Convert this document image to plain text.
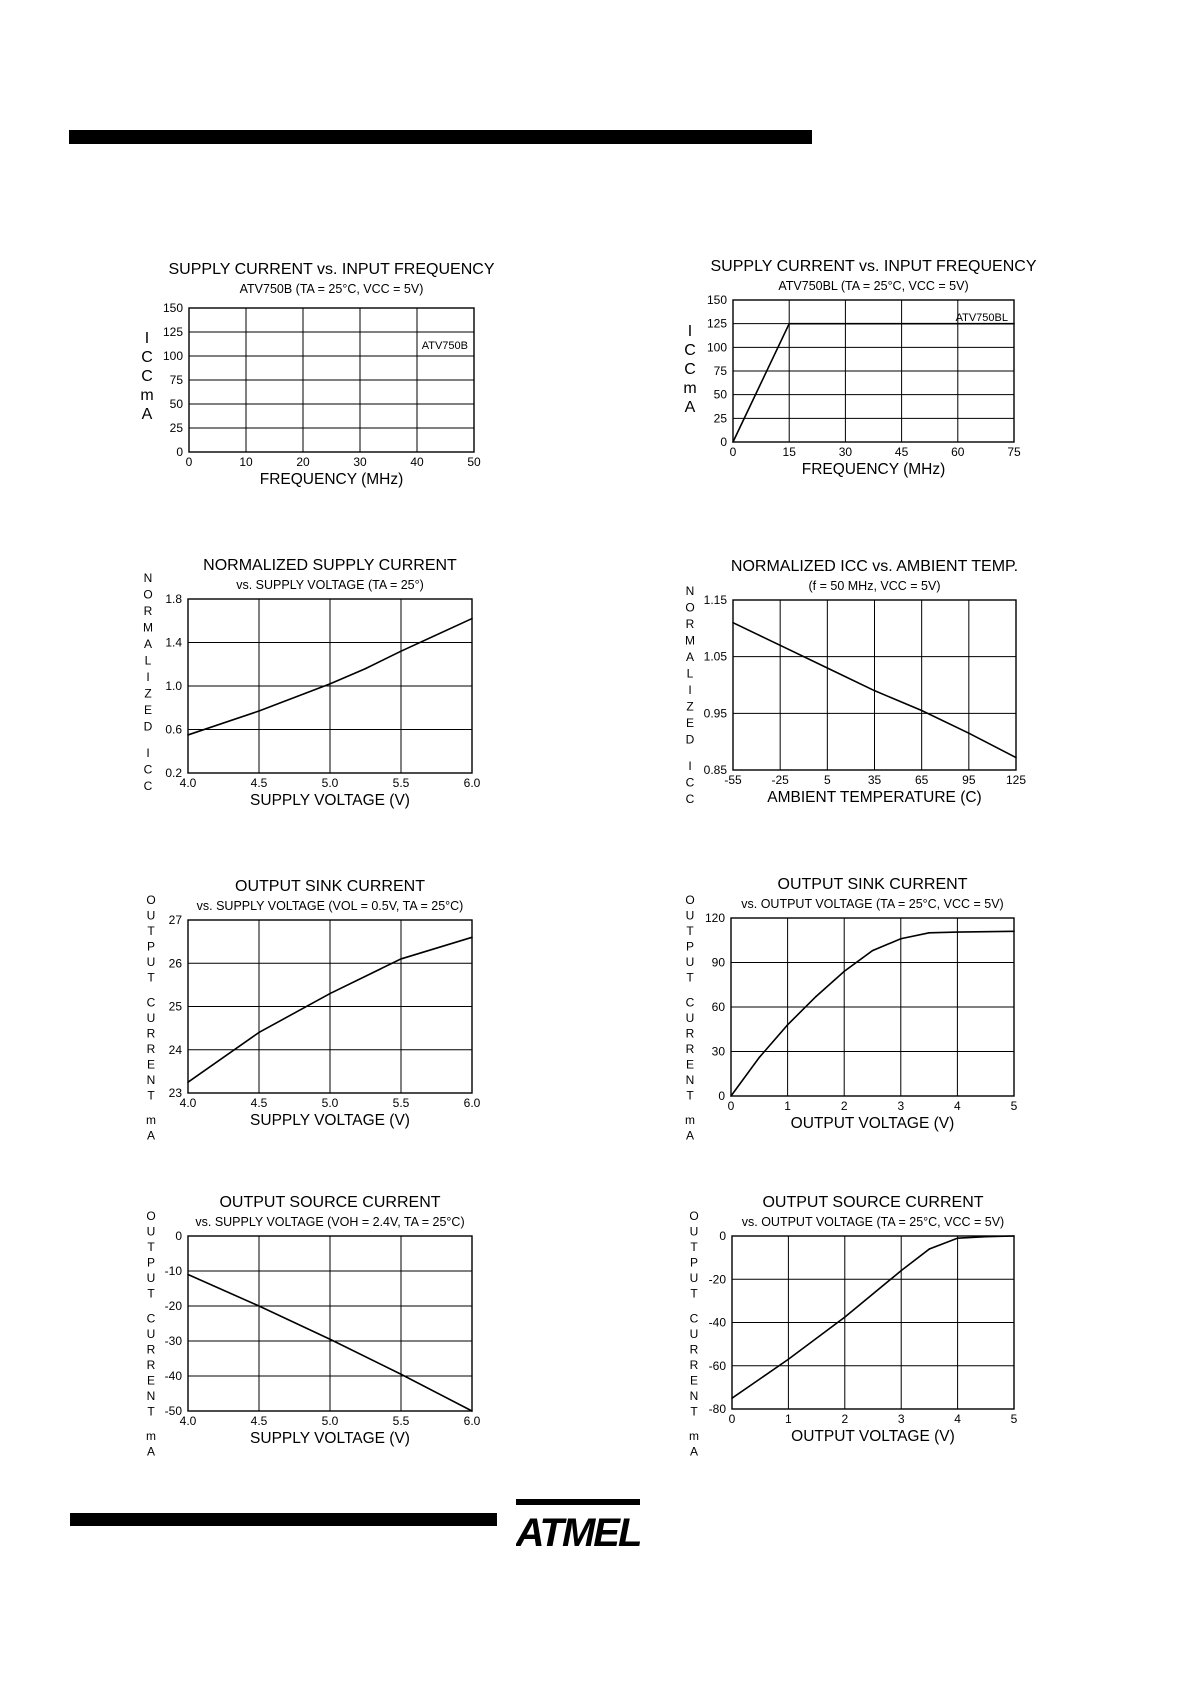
SUPPLY CURRENT vs. INPUT FREQUENCY
ATV750B (TA = 25°C, VCC = 5V)
0	10	20	30	40	50
0
25
50
75
100
125
150
FREQUENCY (MHz)
I
C
C
m
A
ATV750B
SUPPLY CURRENT vs. INPUT FREQUENCY
ATV750BL (TA = 25°C, VCC = 5V)
0	15	30	45	60	75
0
25
50
75
100
125
150
FREQUENCY (MHz)
I
C
C
m
A
ATV750BL
NORMALIZED SUPPLY CURRENT
vs. SUPPLY VOLTAGE (TA = 25°)
4.0	4.5	5.0	5.5	6.0
0.2
0.6
1.0
1.4
1.8
SUPPLY VOLTAGE (V)
N
O
R
M
A
L
I
Z
E
D
I
C
C
NORMALIZED ICC vs. AMBIENT TEMP.
(f = 50 MHz, VCC = 5V)
-55 -25	5	35	65	95	125
0.85
0.95
1.05
1.15
AMBIENT TEMPERATURE (C)
N
O
R
M
A
L
I
Z
E
D
I
C
C
OUTPUT SINK CURRENT
vs. SUPPLY VOLTAGE (VOL = 0.5V, TA = 25°C)
4.0	4.5	5.0	5.5	6.0
23
24
25
26
27
SUPPLY VOLTAGE (V)
O
U
T
P
U
T
C
U
R
R
E
N
T
m
A
OUTPUT SINK CURRENT
vs. OUTPUT VOLTAGE (TA = 25°C, VCC = 5V)
0	1	2	3	4	5
0
30
60
90
120
OUTPUT VOLTAGE (V)
O
U
T
P
U
T
C
U
R
R
E
N
T
m
A
OUTPUT SOURCE CURRENT
vs. SUPPLY VOLTAGE (VOH = 2.4V, TA = 25°C)
4.0	4.5	5.0	5.5	6.0
0
-10
-20
-30
-40
-50
SUPPLY VOLTAGE (V)
O
U
T
P
U
T
C
U
R
R
E
N
T
m
A
OUTPUT SOURCE CURRENT
vs. OUTPUT VOLTAGE (TA = 25°C, VCC = 5V)
0	1	2	3	4	5
0
-20
-40
-60
-80
OUTPUT VOLTAGE (V)
O
U
T
P
U
T
C
U
R
R
E
N
T
m
A
ATMEL
